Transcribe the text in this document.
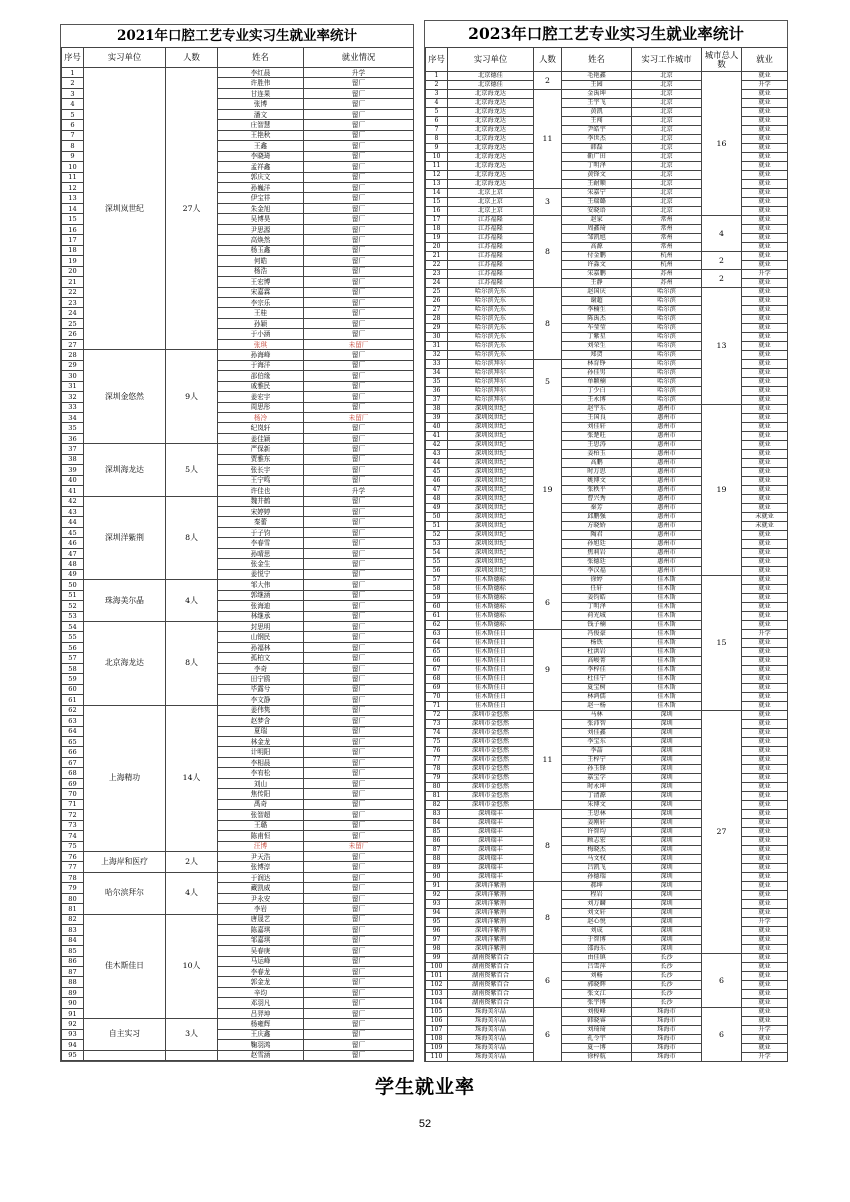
2021年口腔工艺专业实习生就业率统计
序号	实习单位	人数	姓名	就业情况
1	深圳岚世纪	27人	李红晨	升学
2			许胜伟	留厂
3			甘连果	留厂
4			张博	留厂
5			潘文	留厂
6			庄智慧	留厂
7			王艳秋	留厂
8			王鑫	留厂
9			李晓琦	留厂
10			孟祥鑫	留厂
11			郭庆文	留厂
12			孙巍洋	留厂
13			伊宝祥	留厂
14			朱金旭	留厂
15			吴博昊	留厂
16			尹思源	留厂
17			高焕然	留厂
18			杨玉鑫	留厂
19			何皓	留厂
20			杨浩	留厂
21			王宏博	留厂
22			宋嘉霖	留厂
23			李宗乐	留厂
24			王桂	留厂
25			孙颖	留厂
26			于小涵	留厂
27			张琪	未留厂
28	深圳金悠然	9人	孙海峰	留厂
29			于海洋	留厂
30			邵伯缘	留厂
31			戚雅民	留厂
32			姜宏宇	留厂
33			周思彤	留厂
34			杨冷	未留厂
35			纪岚轩	留厂
36			姜佳颖	留厂
37	深圳海龙达	5人	严保新	留厂
38			贾雅东	留厂
39			张长宇	留厂
40			王宁鸣	留厂
41			许佳也	升学
42	深圳洋紫荆	8人	魏井鹤	留厂
43			宋婷婷	留厂
44			秦蕾	留厂
45			于子钧	留厂
46			李春雪	留厂
47			孙晴思	留厂
48			张金生	留厂
49			姜悦宁	留厂
50	珠海美尔晶	4人	邹大伟	留厂
51			郭继涵	留厂
52			张海迪	留厂
53			林继承	留厂
54	北京海龙达	8人	封思明	留厂
55			山钢民	留厂
56			孙福林	留厂
57			孤柏文	留厂
58			李奇	留厂
59			田宁鸥	留厂
60			毕露兮	留厂
61			李文静	留厂
62	上海精功	14人	姜伟隽	留厂
63			赵梦含	留厂
64			夏瑞	留厂
65			林金龙	留厂
66			计明阳	留厂
67			李相晨	留厂
68			李宥松	留厂
69			刘山	留厂
70			焦传阳	留厂
71			禹奇	留厂
72			张智超	留厂
73			王璐	留厂
74			陈甫恒	留厂
75			汪博	未留厂
76	上海岸和医疗	2人	尹天浩	留厂
77			张博淳	留厂
78	哈尔滨拜尔	4人	于润达	留厂
79			藏凯威	留厂
80			尹永安	留厂
81			李岩	留厂
82	佳木斯佳日	10人	唐晟艺	留厂
83			陈嘉琪	留厂
84			邹嘉琪	留厂
85			吴春庚	留厂
86			马运峰	留厂
87			李春龙	留厂
88			郭金龙	留厂
89			辛均	留厂
90			邓羽凡	留厂
91			吕羿坤	留厂
92	自主实习	3人	杨雍辉	留厂
93			王庆鑫	留厂
94			鞠羽鸿	留厂
95			赵雪涵	留厂
2023年口腔工艺专业实习生就业率统计
序号	实习单位	人数	姓名	实习工作城市	城市总人数	就业
1	北京德佳	2	毛艳鑫	北京	16	就业
2	北京德佳		王园	北京		升学
3	北京海龙达	11	金禹坤	北京		就业
4	北京海龙达		王宇飞	北京		就业
5	北京海龙达		黄凯	北京		就业
6	北京海龙达		王闯	北京		就业
7	北京海龙达		尹皓宇	北京		就业
8	北京海龙达		李世杰	北京		就业
9	北京海龙达		韩磊	北京		就业
10	北京海龙达		靳广田	北京		就业
11	北京海龙达		丁明泽	北京		就业
12	北京海龙达		黄锋文	北京		就业
13	北京海龙达		王耐顺	北京		就业
14	北京上京	3	宋嘉宁	北京		就业
15	北京上京		王瑞璐	北京		就业
16	北京上京		安晓语	北京		就业
17	江苏福隆	8	赵家	常州	4	就业
18	江苏福隆		周鑫琦	常州		就业
19	江苏福隆		邹凯旭	常州		就业
20	江苏福隆		高源	常州		就业
21	江苏福隆		付金鹏	杭州	2	就业
22	江苏福隆		许淼文	杭州		就业
23	江苏福隆		宋嘉鹏	苏州	2	升学
24	江苏福隆		王静	苏州		就业
25	哈尔滨先东	8	赵国庆	哈尔滨	13	就业
26	哈尔滨先东		谢超	哈尔滨		就业
27	哈尔滨先东		李楠生	哈尔滨		就业
28	哈尔滨先东		陈禹杰	哈尔滨		就业
29	哈尔滨先东		车莹莹	哈尔滨		就业
30	哈尔滨先东		丁紫星	哈尔滨		就业
31	哈尔滨先东		刘荣生	哈尔滨		就业
32	哈尔滨先东		郑贺	哈尔滨		就业
33	哈尔滨拜尔	5	林育铮	哈尔滨		就业
34	哈尔滨拜尔		孙佳男	哈尔滨		就业
35	哈尔滨拜尔		单颖楠	哈尔滨		就业
36	哈尔滨拜尔		丁少白	哈尔滨		就业
37	哈尔滨拜尔		王永博	哈尔滨		就业
38	深圳岚世纪	19	赵宇东	惠州市	19	就业
39	深圳岚世纪		王国良	惠州市		就业
40	深圳岚世纪		刘佳轩	惠州市		就业
41	深圳岚世纪		张楚旺	惠州市		就业
42	深圳岚世纪		王思涛	惠州市		就业
43	深圳岚世纪		姜柏玉	惠州市		就业
44	深圳岚世纪		高鹏	惠州市		就业
45	深圳岚世纪		时万思	惠州市		就业
46	深圳岚世纪		姚博文	惠州市		就业
47	深圳岚世纪		张秩平	惠州市		就业
48	深圳岚世纪		曹兴秀	惠州市		就业
49	深圳岚世纪		秦芳	惠州市		就业
50	深圳岚世纪		邱鹏强	惠州市		未就业
51	深圳岚世纪		方晓娇	惠州市		未就业
52	深圳岚世纪		陶君	惠州市		就业
53	深圳岚世纪		孙旭廷	惠州市		就业
54	深圳岚世纪		焦莉岩	惠州市		就业
55	深圳岚世纪		张德廷	惠州市		就业
56	深圳岚世纪		李汉福	惠州市		就业
57	佳木斯德标	6	徐婷	佳木斯	15	就业
58	佳木斯德标		任轩	佳木斯		就业
59	佳木斯德标		姜钧皓	佳木斯		就业
60	佳木斯德标		丁明泽	佳木斯		就业
61	佳木斯德标		荷光城	佳木斯		就业
62	佳木斯德标		钱子楠	佳木斯		就业
63	佳木斯佳日	9	冯俊豪	佳木斯		升学
64	佳木斯佳日		杨铁	佳木斯		就业
65	佳木斯佳日		杜洪岩	佳木斯		就业
66	佳木斯佳日		高峻菁	佳木斯		就业
67	佳木斯佳日		李梓佳	佳木斯		就业
68	佳木斯佳日		杜佳宁	佳木斯		就业
69	佳木斯佳日		夏宝树	佳木斯		就业
70	佳木斯佳日		林鸿儒	佳木斯		就业
71	佳木斯佳日		赵一杨	佳木斯		就业
72	深圳市金悠然	11	马林	深圳	27	就业
73	深圳市金悠然		张沛智	深圳		就业
74	深圳市金悠然		刘佳鑫	深圳		就业
75	深圳市金悠然		李宝东	深圳		就业
76	深圳市金悠然		李喆	深圳		就业
77	深圳市金悠然		王梓宁	深圳		就业
78	深圳市金悠然		孙玉锋	深圳		就业
79	深圳市金悠然		嘉宝学	深圳		就业
80	深圳市金悠然		时永坤	深圳		就业
81	深圳市金悠然		丁清源	深圳		就业
82	深圳市金悠然		朱博文	深圳		就业
83	深圳瑞丰	8	王思林	深圳		就业
84	深圳瑞丰		姜刚轩	深圳		就业
85	深圳瑞丰		许智均	深圳		就业
86	深圳瑞丰		顾志宏	深圳		就业
87	深圳瑞丰		梅晓杰	深圳		就业
88	深圳瑞丰		马文权	深圳		就业
89	深圳瑞丰		吕凯飞	深圳		就业
90	深圳瑞丰		孙德瑞	深圳		就业
91	深圳洋紫荆	8	郝坤	深圳		就业
92	深圳洋紫荆		程岩	深圳		就业
93	深圳洋紫荆		刘万麟	深圳		就业
94	深圳洋紫荆		刘文轩	深圳		就业
95	深圳洋紫荆		赵心悦	深圳		升学
96	深圳洋紫荆		刘成	深圳		就业
97	深圳洋紫荆		于智博	深圳		就业
98	深圳洋紫荆		邵海东	深圳		就业
99	湖南资紫百合	6	由佳镇	长沙	6	就业
100	湖南资紫百合		吕雪萍	长沙		就业
101	湖南资紫百合		刘畅	长沙		就业
102	湖南资紫百合		郭晓辉	长沙		就业
103	湖南资紫百合		张文江	长沙		就业
104	湖南资紫百合		张宇博	长沙		就业
105	珠海美尔晶	6	刘俊峰	珠海市	6	就业
106	珠海美尔晶		韩晓睿	珠海市		就业
107	珠海美尔晶		刘琦琦	珠海市		升学
108	珠海美尔晶		孔令宇	珠海市		就业
109	珠海美尔晶		夏一博	珠海市		就业
110	珠海美尔晶		徐梓航	珠海市		升学
学生就业率
52
